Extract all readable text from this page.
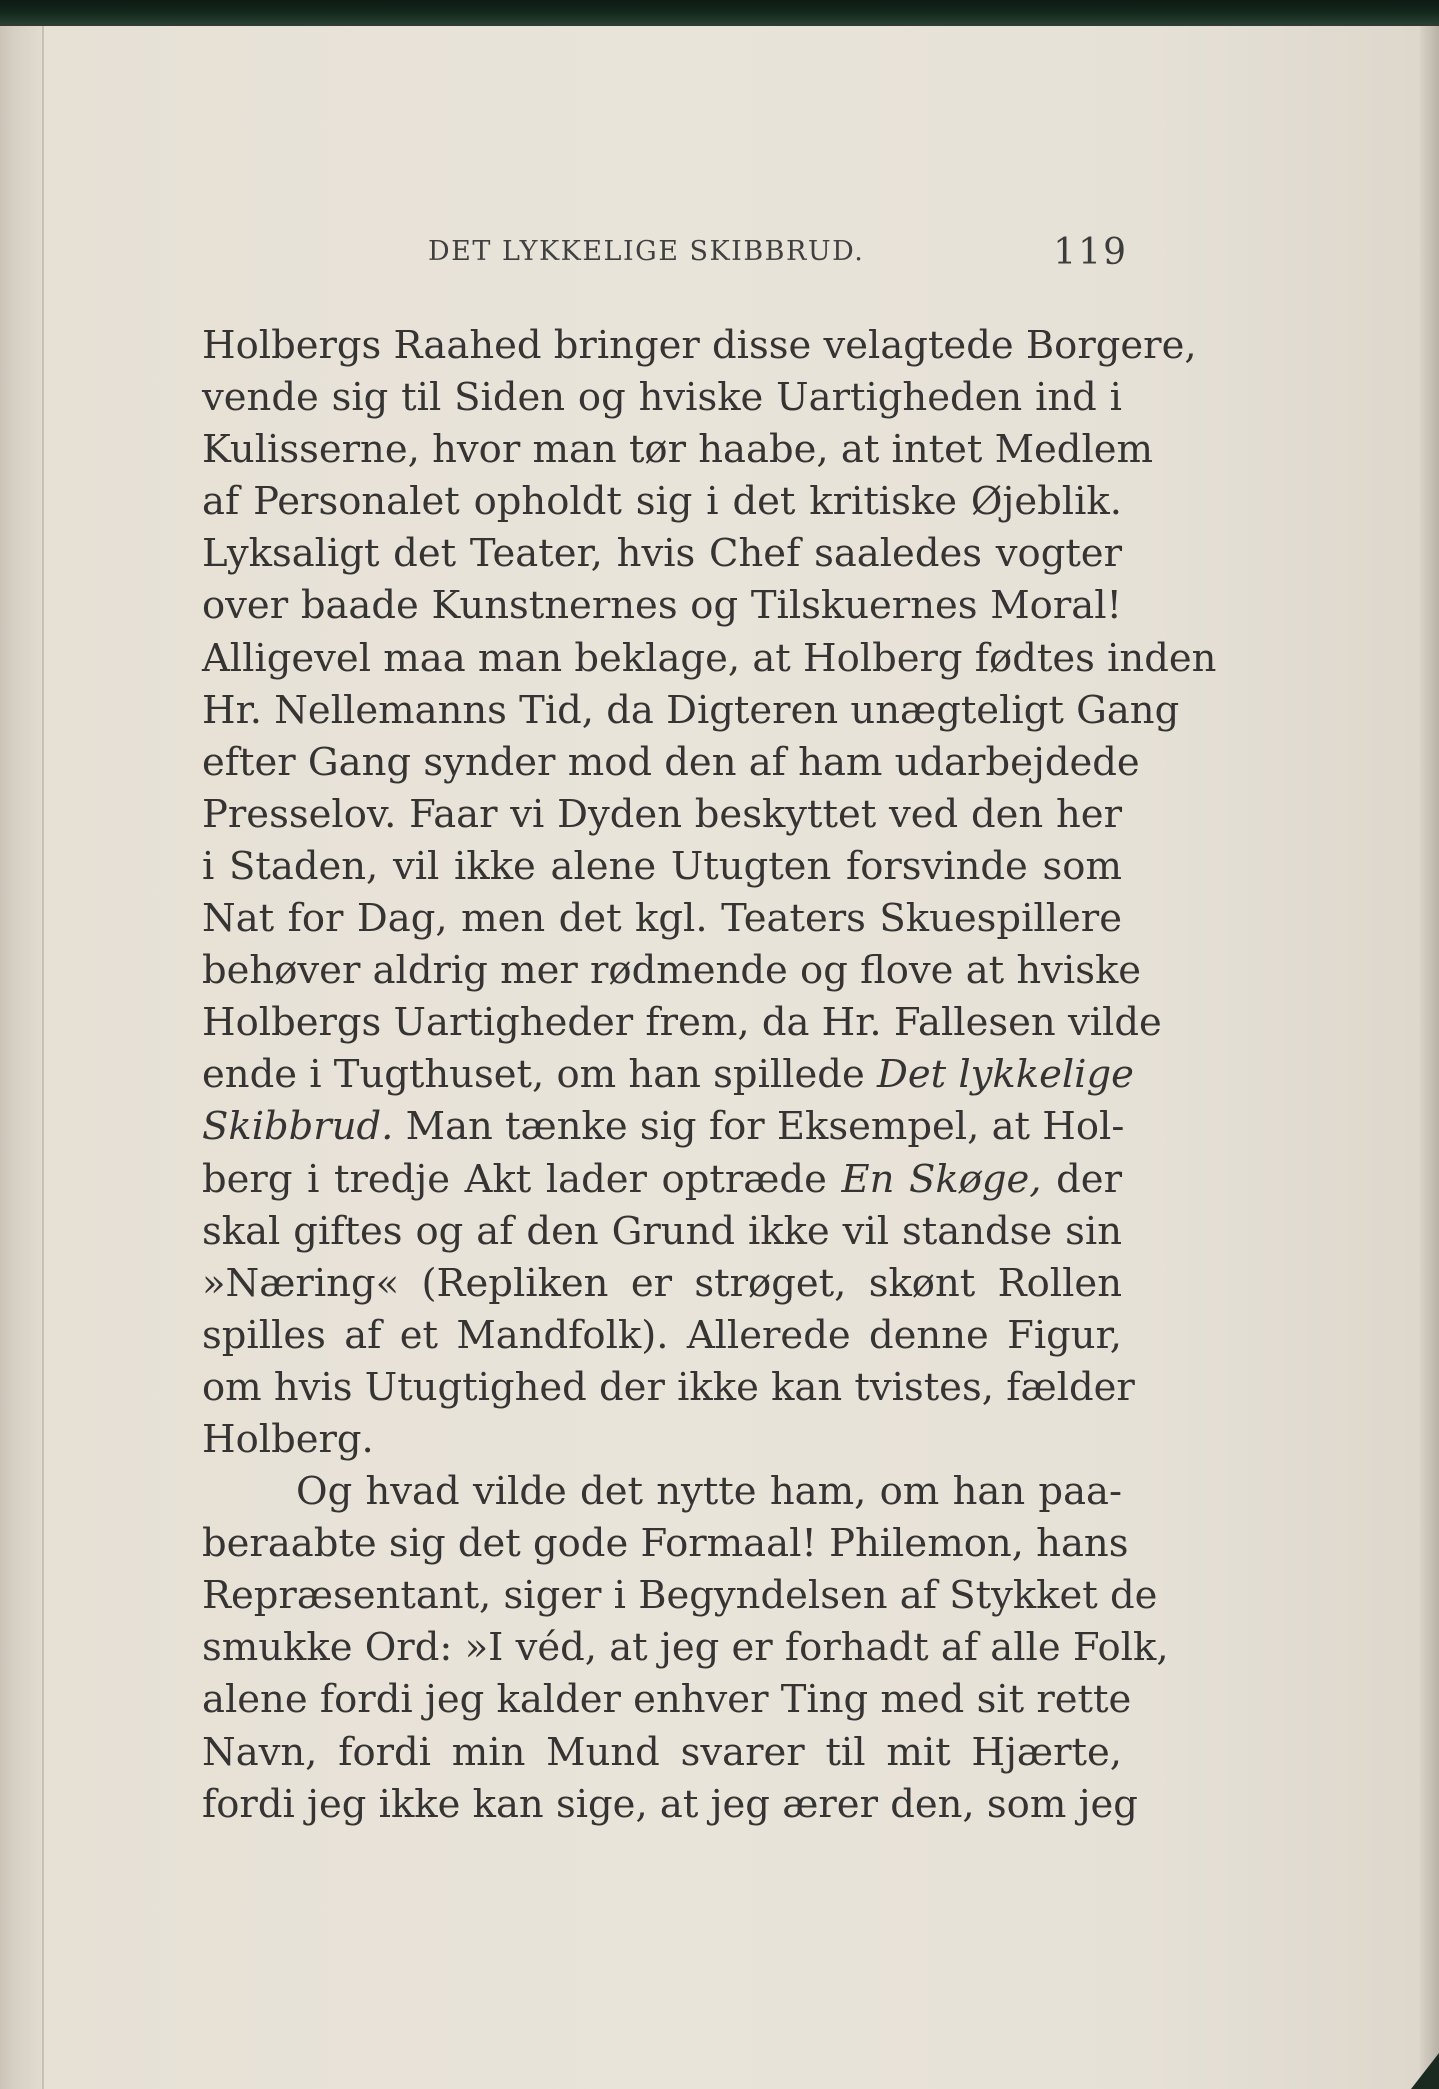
DET LYKKELIGE SKIBBRUD.	119
Holbergs Raahed bringer disse velagtede Borgere,
vende sig til Siden og hviske Uartigheden ind i
Kulisserne, hvor man tør haabe, at intet Medlem
af Personalet opholdt sig i det kritiske Øjeblik.
Lyksaligt det Teater, hvis Chef saaledes vogter
over baade Kunstnernes og Tilskuernes Moral!
Alligevel maa man beklage, at Holberg fødtes inden
Hr. Nellemanns Tid, da Digteren unægteligt Gang
efter Gang synder mod den af ham udarbejdede
Presselov. Faar vi Dyden beskyttet ved den her
i Staden, vil ikke alene Utugten forsvinde som
Nat for Dag, men det kgl. Teaters Skuespillere
behøver aldrig mer rødmende og flove at hviske
Holbergs Uartigheder frem, da Hr. Fallesen vilde
ende i Tugthuset, om han spillede Det lykkelige
Skibbrud. Man tænke sig for Eksempel, at Hol-
berg i tredje Akt lader optræde En Skøge, der
skal giftes og af den Grund ikke vil standse sin
»Næring« (Repliken er strøget, skønt Rollen
spilles af et Mandfolk). Allerede denne Figur,
om hvis Utugtighed der ikke kan tvistes, fælder
Holberg.
Og hvad vilde det nytte ham, om han paa-
beraabte sig det gode Formaal! Philemon, hans
Repræsentant, siger i Begyndelsen af Stykket de
smukke Ord: »I véd, at jeg er forhadt af alle Folk,
alene fordi jeg kalder enhver Ting med sit rette
Navn, fordi min Mund svarer til mit Hjærte,
fordi jeg ikke kan sige, at jeg ærer den, som jeg
